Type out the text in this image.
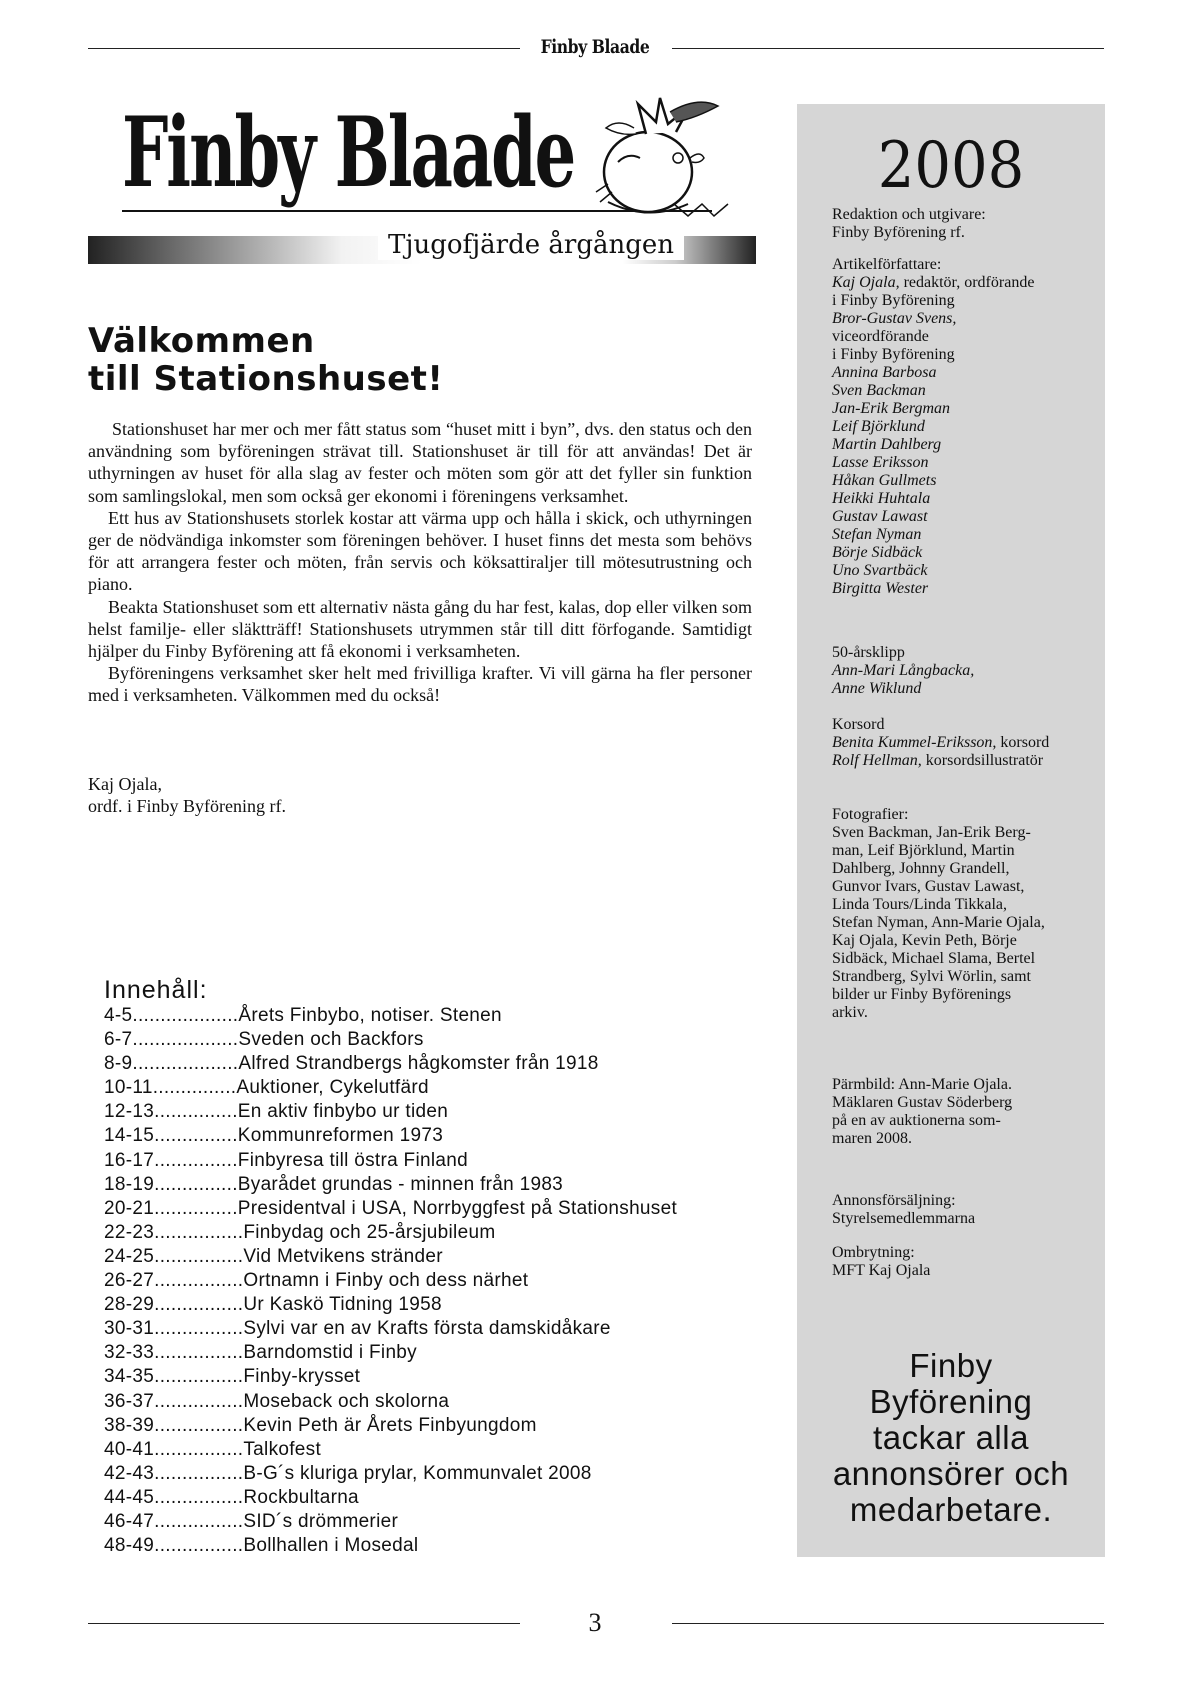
Finby Blaade
Finby Blaade
Tjugofjärde årgången
Välkommen
till Stationshuset!

Stationshuset har mer och mer fått status som “huset mitt i byn”, dvs. den status och den användning som byföreningen strävat till. Stationshuset är till för att användas! Det är uthyrningen av huset för alla slag av fester och möten som gör att det fyller sin funktion som samlingslokal, men som också ger ekonomi i föreningens verksamhet.

Ett hus av Stationshusets storlek kostar att värma upp och hålla i skick, och uthyrningen ger de nödvändiga inkomster som föreningen behöver. I huset finns det mesta som behövs för att arrangera fester och möten, från servis och köksattiraljer till mötesutrustning och piano.

Beakta Stationshuset som ett alternativ nästa gång du har fest, kalas, dop eller vilken som helst familje- eller släktträff! Stationshusets utrymmen står till ditt förfogande. Samtidigt hjälper du Finby Byförening att få ekonomi i verksamheten.

Byföreningens verksamhet sker helt med frivilliga krafter. Vi vill gärna ha fler personer med i verksamheten. Välkommen med du också!

Kaj Ojala,
ordf. i Finby Byförening rf.
Innehåll:
4-5...................Årets Finbybo, notiser. Stenen
6-7...................Sveden och Backfors
8-9...................Alfred Strandbergs hågkomster från 1918
10-11...............Auktioner, Cykelutfärd
12-13...............En aktiv finbybo ur tiden
14-15...............Kommunreformen 1973
16-17...............Finbyresa till östra Finland
18-19...............Byarådet grundas - minnen från 1983
20-21...............Presidentval i USA, Norrbyggfest på Stationshuset
22-23................Finbydag och 25-årsjubileum
24-25................Vid Metvikens stränder
26-27................Ortnamn i Finby och dess närhet
28-29................Ur Kaskö Tidning 1958
30-31................Sylvi var en av Krafts första damskidåkare
32-33................Barndomstid i Finby
34-35................Finby-krysset
36-37................Moseback och skolorna
38-39................Kevin Peth är Årets Finbyungdom
40-41................Talkofest
42-43................B-G´s kluriga prylar, Kommunvalet 2008
44-45................Rockbultarna
46-47................SID´s drömmerier
48-49................Bollhallen i Mosedal
2008
Redaktion och utgivare:
Finby Byförening rf.
Artikelförfattare:
Kaj Ojala, redaktör, ordförande
i Finby Byförening
Bror-Gustav Svens,
viceordförande
i Finby Byförening
Annina Barbosa
Sven Backman
Jan-Erik Bergman
Leif Björklund
Martin Dahlberg
Lasse Eriksson
Håkan Gullmets
Heikki Huhtala
Gustav Lawast
Stefan Nyman
Börje Sidbäck
Uno Svartbäck
Birgitta Wester
50-årsklipp
Ann-Mari Långbacka,
Anne Wiklund
Korsord
Benita Kummel-Eriksson, korsord
Rolf Hellman, korsordsillustratör
Fotografier:
Sven Backman, Jan-Erik Berg-
man, Leif Björklund, Martin
Dahlberg, Johnny Grandell,
Gunvor Ivars, Gustav Lawast,
Linda Tours/Linda Tikkala,
Stefan Nyman, Ann-Marie Ojala,
Kaj Ojala, Kevin Peth, Börje
Sidbäck, Michael Slama, Bertel
Strandberg, Sylvi Wörlin, samt
bilder ur Finby Byförenings
arkiv.
Pärmbild: Ann-Marie Ojala.
Mäklaren Gustav Söderberg
på en av auktionerna som-
maren 2008.
Annonsförsäljning:
Styrelsemedlemmarna
Ombrytning:
MFT Kaj Ojala
Finby
Byförening
tackar alla
annonsörer och
medarbetare.
3
